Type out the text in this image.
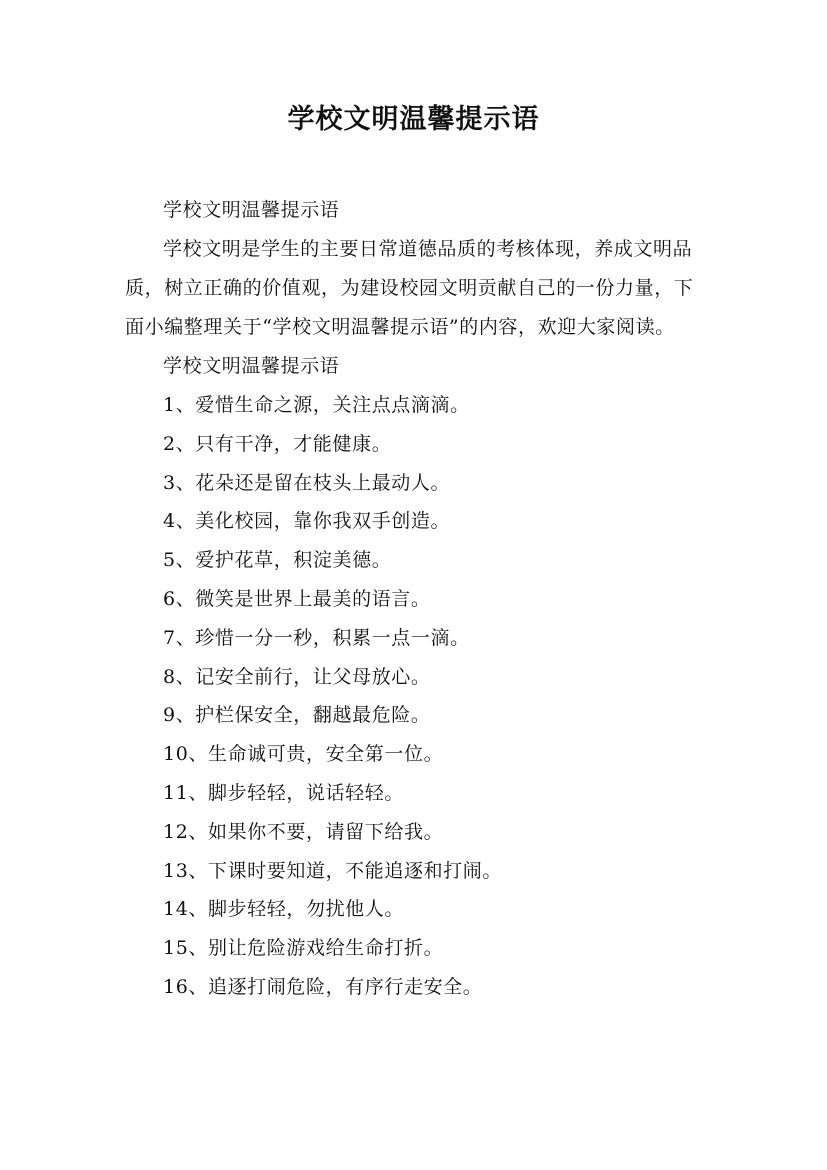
学校文明温馨提示语

学校文明温馨提示语

学校文明是学生的主要日常道德品质的考核体现，养成文明品质，树立正确的价值观，为建设校园文明贡献自己的一份力量，下面小编整理关于“学校文明温馨提示语”的内容，欢迎大家阅读。

学校文明温馨提示语

1、爱惜生命之源，关注点点滴滴。
2、只有干净，才能健康。
3、花朵还是留在枝头上最动人。
4、美化校园，靠你我双手创造。
5、爱护花草，积淀美德。
6、微笑是世界上最美的语言。
7、珍惜一分一秒，积累一点一滴。
8、记安全前行，让父母放心。
9、护栏保安全，翻越最危险。
10、生命诚可贵，安全第一位。
11、脚步轻轻，说话轻轻。
12、如果你不要，请留下给我。
13、下课时要知道，不能追逐和打闹。
14、脚步轻轻，勿扰他人。
15、别让危险游戏给生命打折。
16、追逐打闹危险，有序行走安全。
